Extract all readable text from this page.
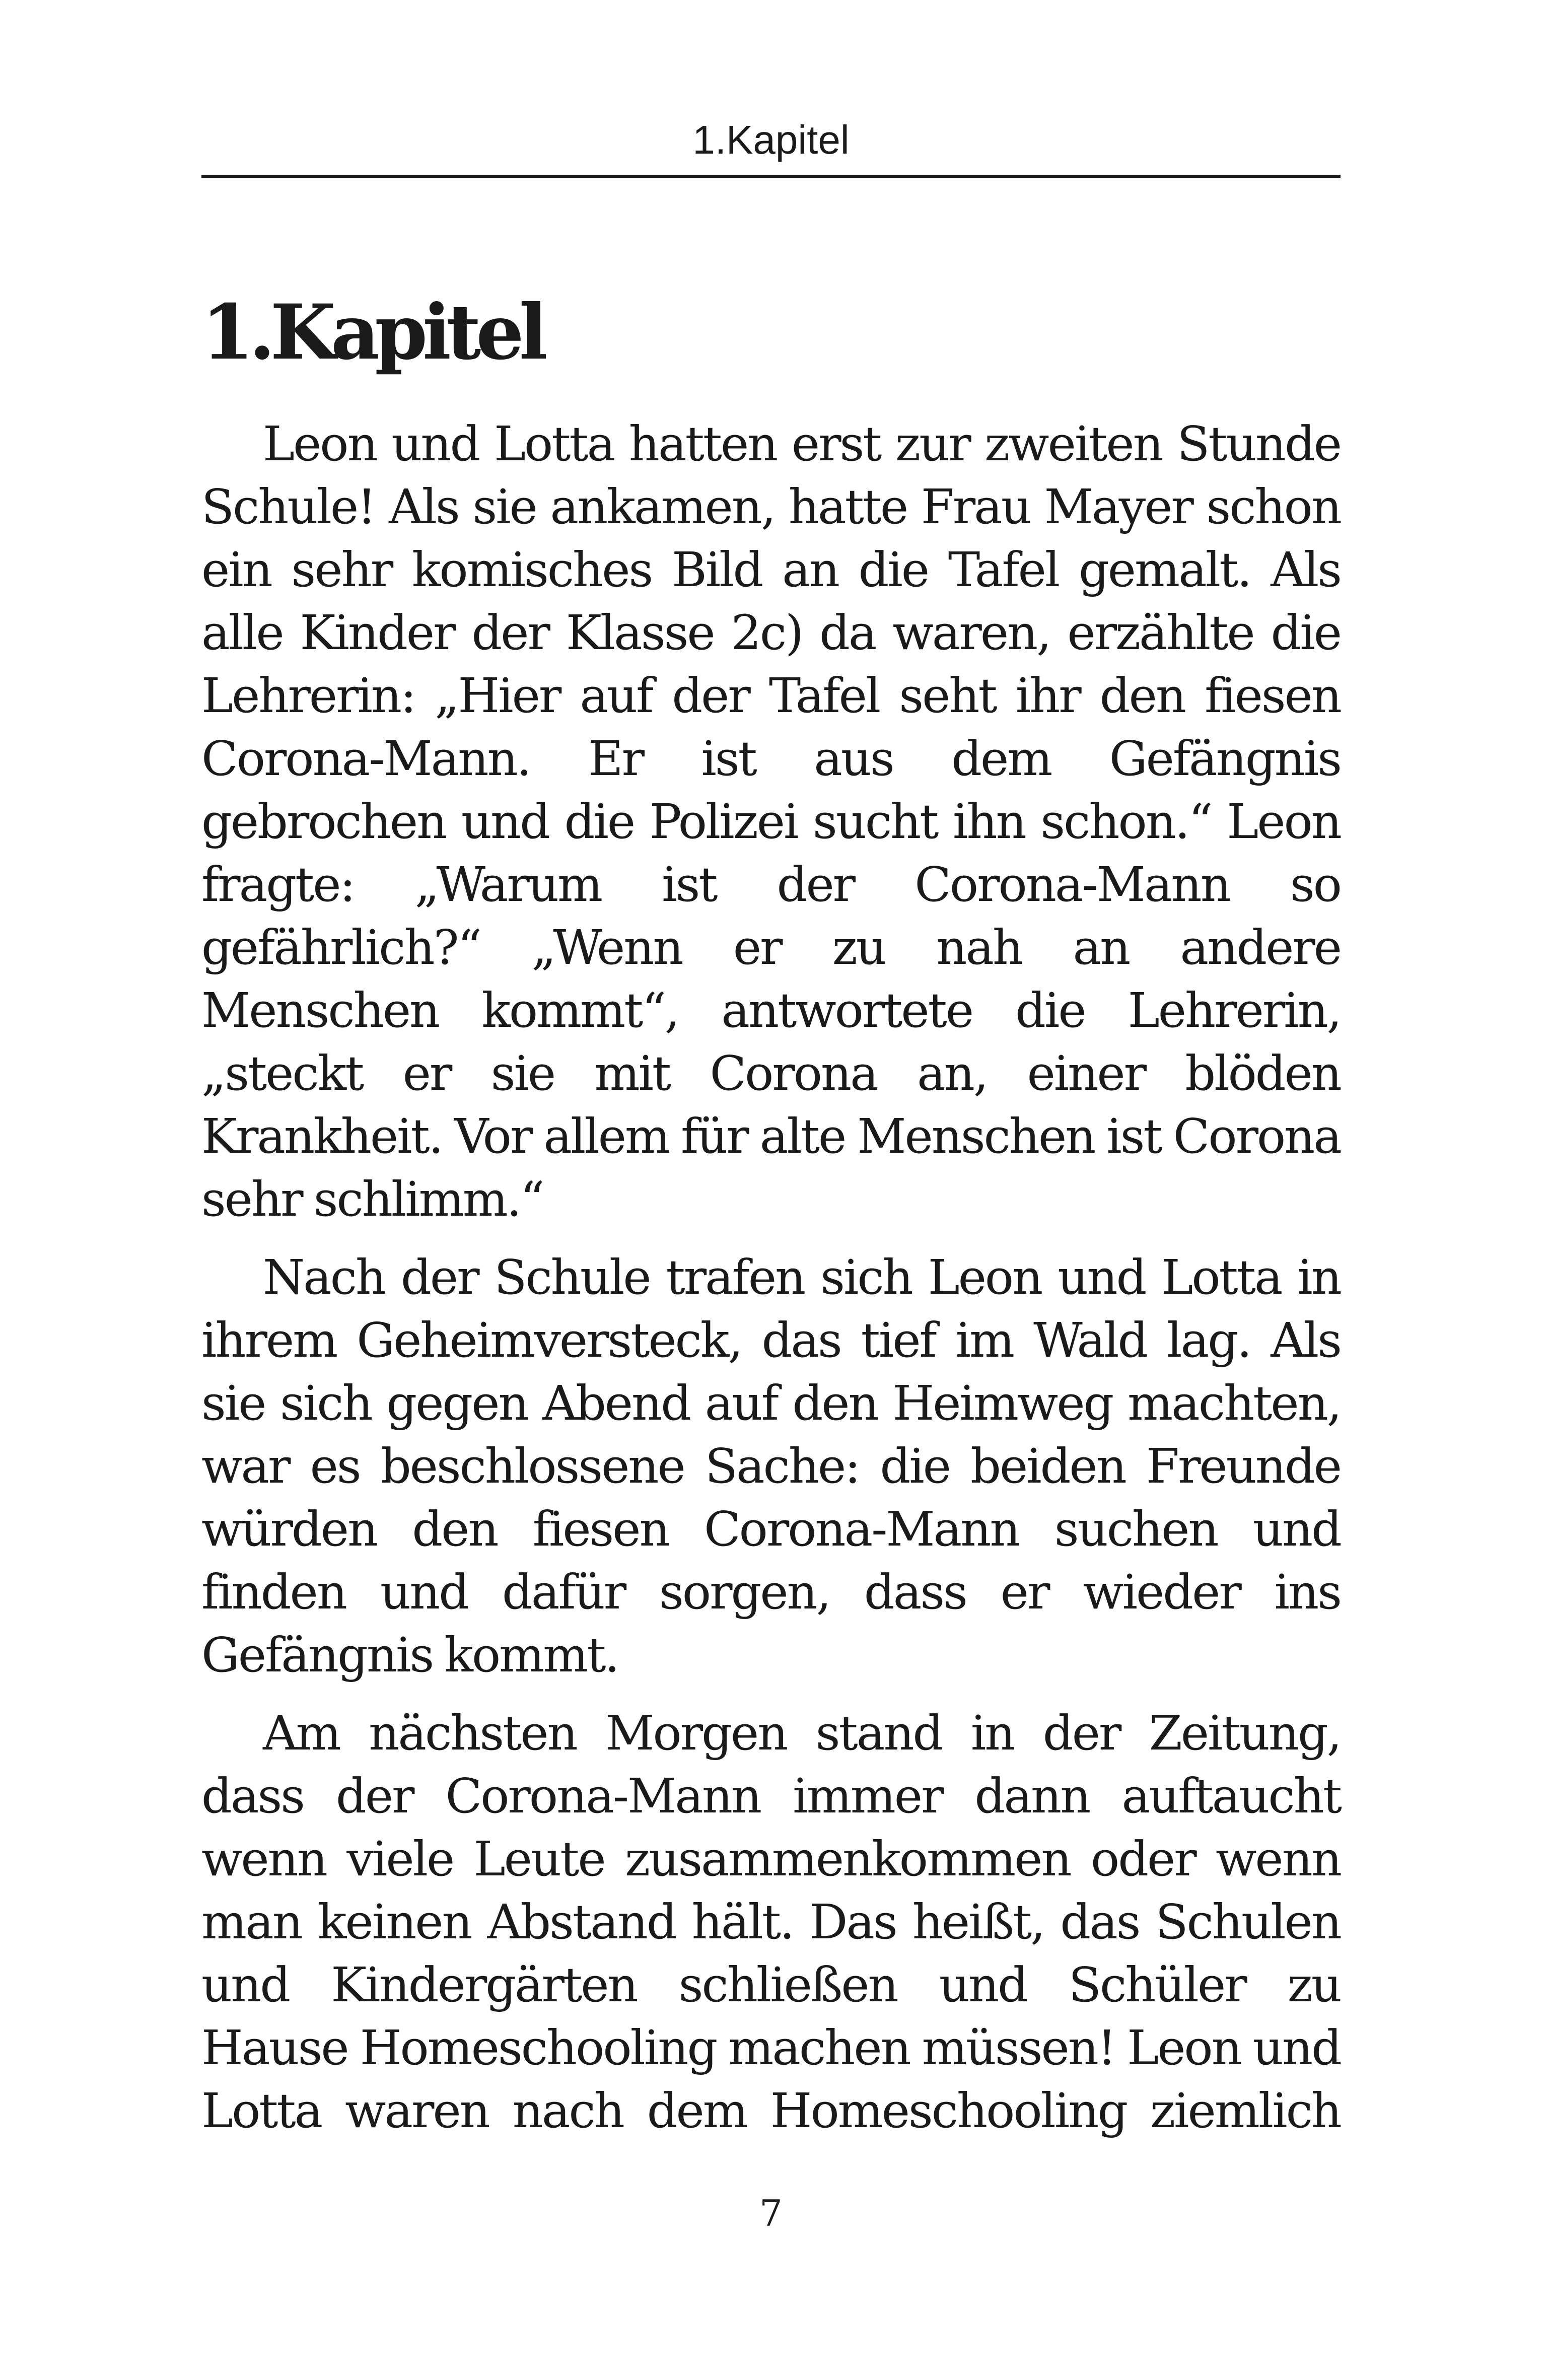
1.Kapitel
1.Kapitel

Leon und Lotta hatten erst zur zweiten Stunde Schule! Als sie ankamen, hatte Frau Mayer schon ein sehr komisches Bild an die Tafel gemalt. Als alle Kinder der Klasse 2c) da waren, erzählte die Lehrerin: „Hier auf der Tafel seht ihr den fiesen Corona-Mann. Er ist aus dem Gefängnis gebrochen und die Polizei sucht ihn schon.“ Leon fragte: „Warum ist der Corona-Mann so gefährlich?“ „Wenn er zu nah an andere Menschen kommt“, antwortete die Lehrerin, „steckt er sie mit Corona an, einer blöden Krankheit. Vor allem für alte Menschen ist Corona sehr schlimm.“

Nach der Schule trafen sich Leon und Lotta in ihrem Geheimversteck, das tief im Wald lag. Als sie sich gegen Abend auf den Heimweg machten, war es beschlossene Sache: die beiden Freunde würden den fiesen Corona-Mann suchen und finden und dafür sorgen, dass er wieder ins Gefängnis kommt.

Am nächsten Morgen stand in der Zeitung, dass der Corona-Mann immer dann auftaucht wenn viele Leute zusammenkommen oder wenn man keinen Abstand hält. Das heißt, das Schulen und Kindergärten schließen und Schüler zu Hause Homeschooling machen müssen! Leon und Lotta waren nach dem Homeschooling ziemlich

7
